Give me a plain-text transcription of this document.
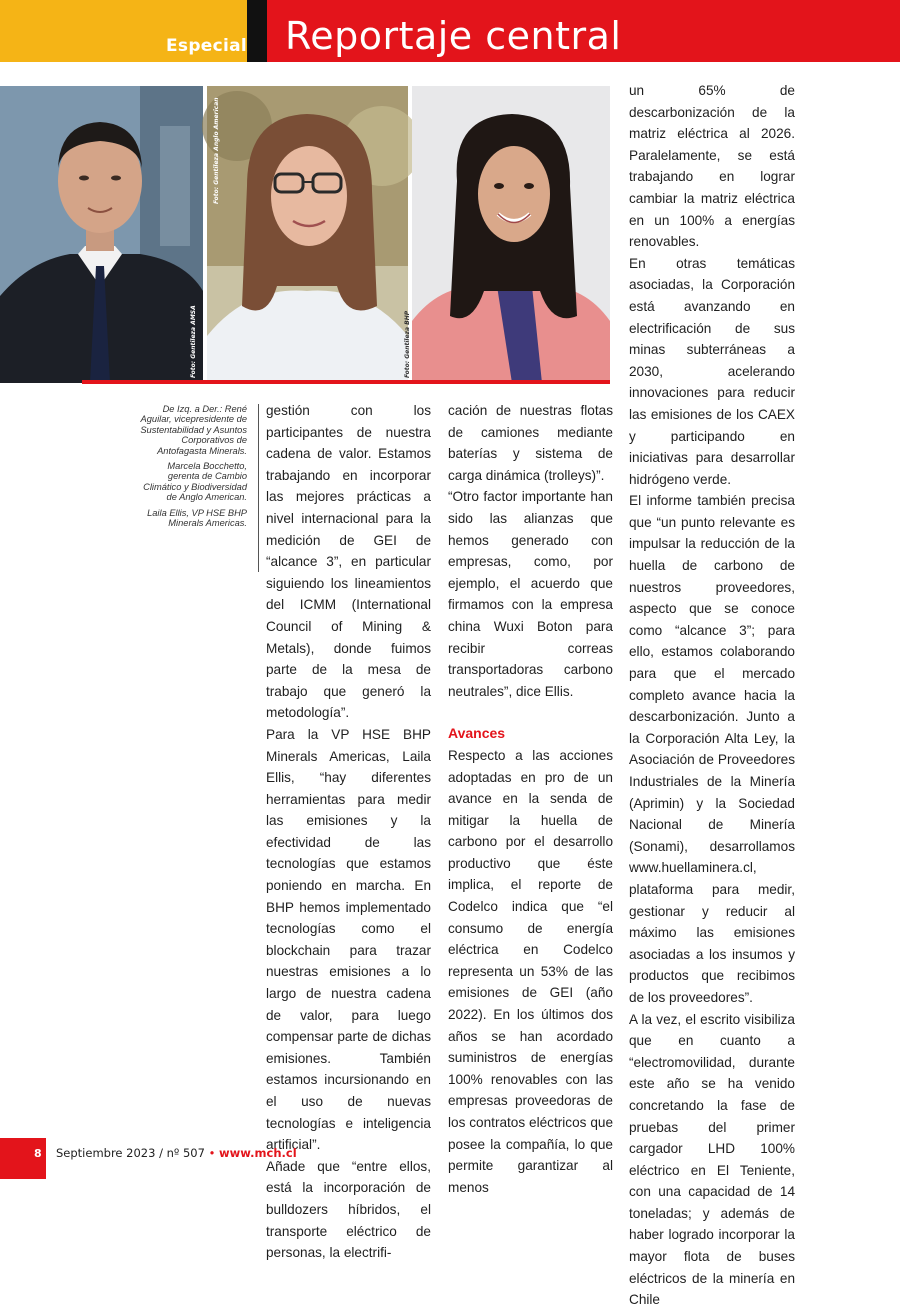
Especial Reportaje central
Foto: Gentileza AMSA
Foto: Gentileza Anglo American
Foto: Gentileza BHP

De Izq. a Der.: René Aguilar, vicepresidente de Sustentabilidad y Asuntos Corporativos de Antofagasta Minerals.

Marcela Bocchetto, gerenta de Cambio Climático y Biodiversidad de Anglo American.

Laila Ellis, VP HSE BHP Minerals Americas.

gestión con los participantes de nuestra cadena de valor. Estamos trabajando en incorporar las mejores prácticas a nivel internacional para la medición de GEI de “alcance 3”, en particular siguiendo los lineamientos del ICMM (International Council of Mining & Metals), donde fuimos parte de la mesa de trabajo que generó la metodología”.

Para la VP HSE BHP Minerals Americas, Laila Ellis, “hay diferentes herramientas para medir las emisiones y la efectividad de las tecnologías que estamos poniendo en marcha. En BHP hemos implementado tecnologías como el blockchain para trazar nuestras emisiones a lo largo de nuestra cadena de valor, para luego compensar parte de dichas emisiones. También estamos incursionando en el uso de nuevas tecnologías e inteligencia artificial”.

Añade que “entre ellos, está la incorporación de bulldozers híbridos, el transporte eléctrico de personas, la electrifi-

cación de nuestras flotas de camiones mediante baterías y sistema de carga dinámica (trolleys)”.

“Otro factor importante han sido las alianzas que hemos generado con empresas, como, por ejemplo, el acuerdo que firmamos con la empresa china Wuxi Boton para recibir correas transportadoras carbono neutrales”, dice Ellis.

Avances

Respecto a las acciones adoptadas en pro de un avance en la senda de mitigar la huella de carbono por el desarrollo productivo que éste implica, el reporte de Codelco indica que “el consumo de energía eléctrica en Codelco representa un 53% de las emisiones de GEI (año 2022). En los últimos dos años se han acordado suministros de energías 100% renovables con las empresas proveedoras de los contratos eléctricos que posee la compañía, lo que permite garantizar al menos

un 65% de descarbonización de la matriz eléctrica al 2026. Paralelamente, se está trabajando en lograr cambiar la matriz eléctrica en un 100% a energías renovables.

En otras temáticas asociadas, la Corporación está avanzando en electrificación de sus minas subterráneas a 2030, acelerando innovaciones para reducir las emisiones de los CAEX y participando en iniciativas para desarrollar hidrógeno verde.

El informe también precisa que “un punto relevante es impulsar la reducción de la huella de carbono de nuestros proveedores, aspecto que se conoce como “alcance 3”; para ello, estamos colaborando para que el mercado completo avance hacia la descarbonización. Junto a la Corporación Alta Ley, la Asociación de Proveedores Industriales de la Minería (Aprimin) y la Sociedad Nacional de Minería (Sonami), desarrollamos www.huellaminera.cl, plataforma para medir, gestionar y reducir al máximo las emisiones asociadas a los insumos y productos que recibimos de los proveedores”.

A la vez, el escrito visibiliza que en cuanto a “electromovilidad, durante este año se ha venido concretando la fase de pruebas del primer cargador LHD 100% eléctrico en El Teniente, con una capacidad de 14 toneladas; y además de haber logrado incorporar la mayor flota de buses eléctricos de la minería en Chile

8 Septiembre 2023 / nº 507 • www.mch.cl
